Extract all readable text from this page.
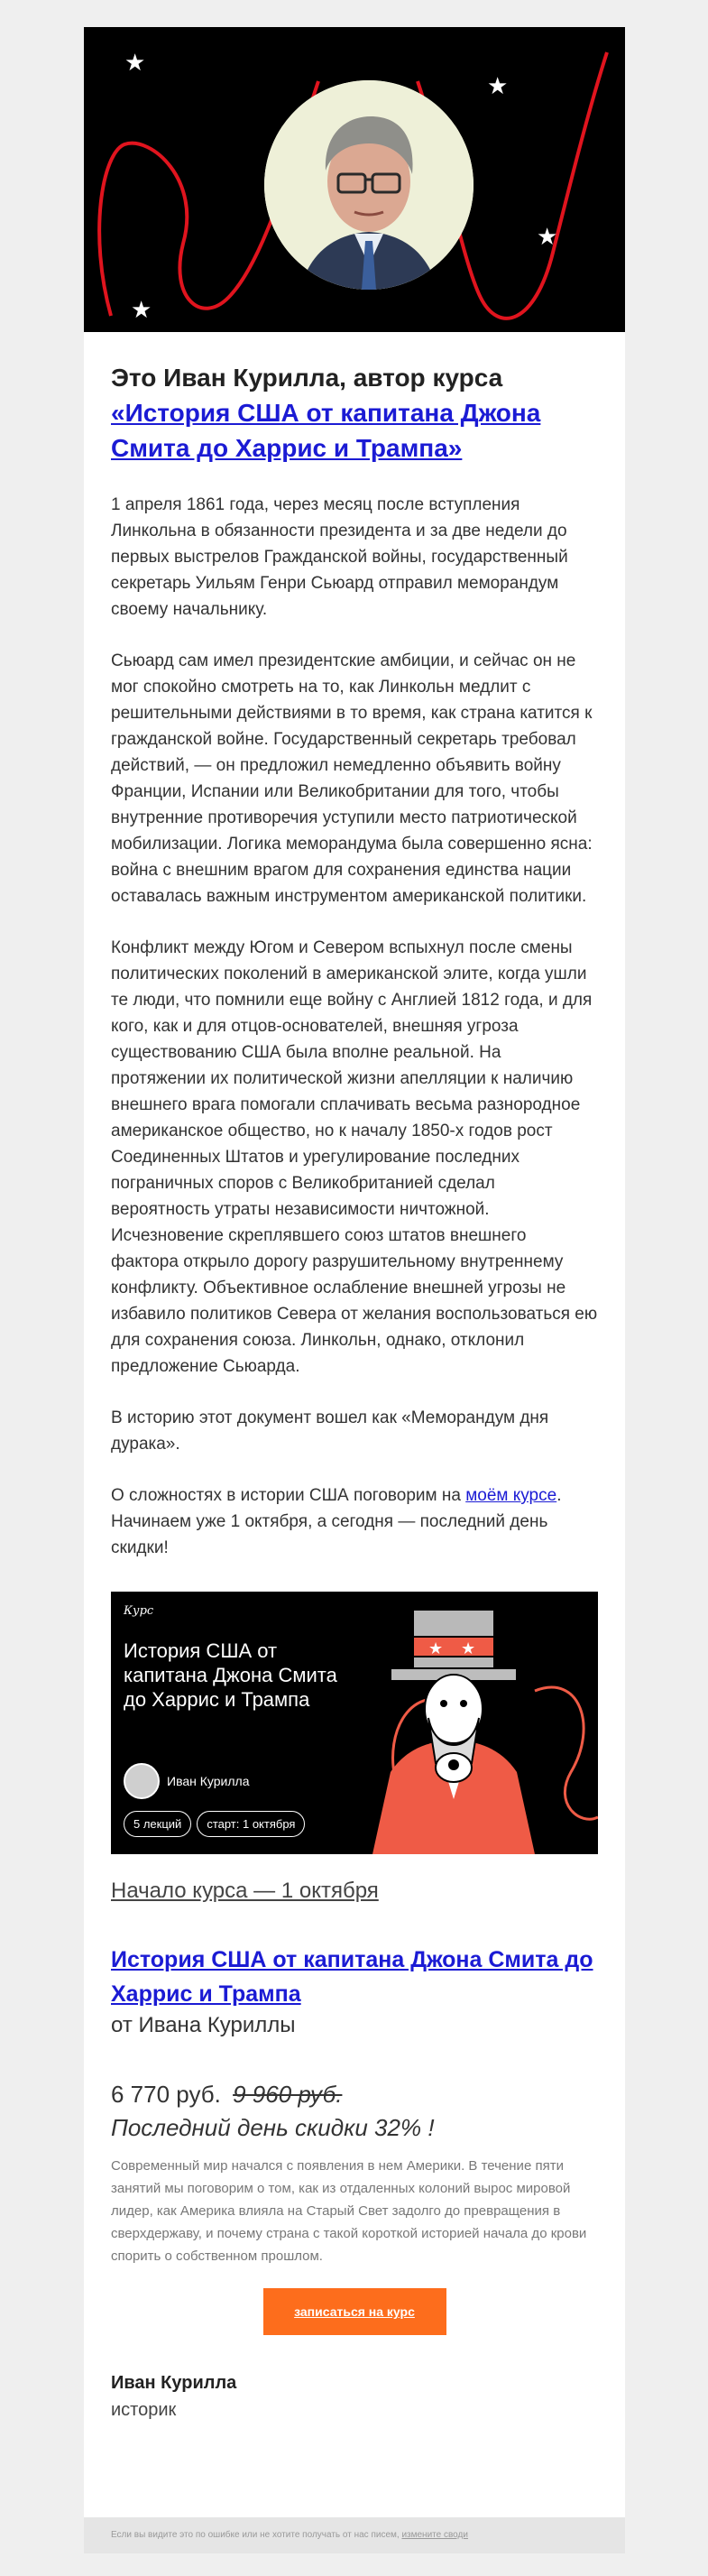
★
★
★
★
Это Иван Курилла, автор курса
«История США от капитана Джона Смита до Харрис и Трампа»

1 апреля 1861 года, через месяц после вступления Линкольна в обязанности президента и за две недели до первых выстрелов Гражданской войны, государственный секретарь Уильям Генри Сьюард отправил меморандум своему начальнику.

Сьюард сам имел президентские амбиции, и сейчас он не мог спокойно смотреть на то, как Линкольн медлит с решительными действиями в то время, как страна катится к гражданской войне. Государственный секретарь требовал действий, — он предложил немедленно объявить войну Франции, Испании или Великобритании для того, чтобы внутренние противоречия уступили место патриотической мобилизации. Логика меморандума была совершенно ясна: война с внешним врагом для сохранения единства нации оставалась важным инструментом американской политики.

Конфликт между Югом и Севером вспыхнул после смены политических поколений в американской элите, когда ушли те люди, что помнили еще войну с Англией 1812 года, и для кого, как и для отцов-основателей, внешняя угроза существованию США была вполне реальной. На протяжении их политической жизни апелляции к наличию внешнего врага помогали сплачивать весьма разнородное американское общество, но к началу 1850-х годов рост Соединенных Штатов и урегулирование последних пограничных споров с Великобританией сделал вероятность утраты независимости ничтожной. Исчезновение скреплявшего союз штатов внешнего фактора открыло дорогу разрушительному внутреннему конфликту. Объективное ослабление внешней угрозы не избавило политиков Севера от желания воспользоваться ею для сохранения союза. Линкольн, однако, отклонил предложение Сьюарда.

В историю этот документ вошел как «Меморандум дня дурака».

О сложностях в истории США поговорим на моём курсе. Начинаем уже 1 октября, а сегодня — последний день скидки!

Курс
История США от капитана Джона Смита до Харрис и Трампа
Иван Курилла
5 лекций	старт: 1 октября
★ ★
Начало курса — 1 октября
История США от капитана Джона Смита до Харрис и Трампа
от Ивана Куриллы
6 770 руб. 9 960 руб.
Последний день скидки 32% !

Современный мир начался с появления в нем Америки. В течение пяти занятий мы поговорим о том, как из отдаленных колоний вырос мировой лидер, как Америка влияла на Старый Свет задолго до превращения в сверхдержаву, и почему страна с такой короткой историей начала до крови спорить о собственном прошлом.

записаться на курс
Иван Курилла
историк
Если вы видите это по ошибке или не хотите получать от нас писем, измените своди
